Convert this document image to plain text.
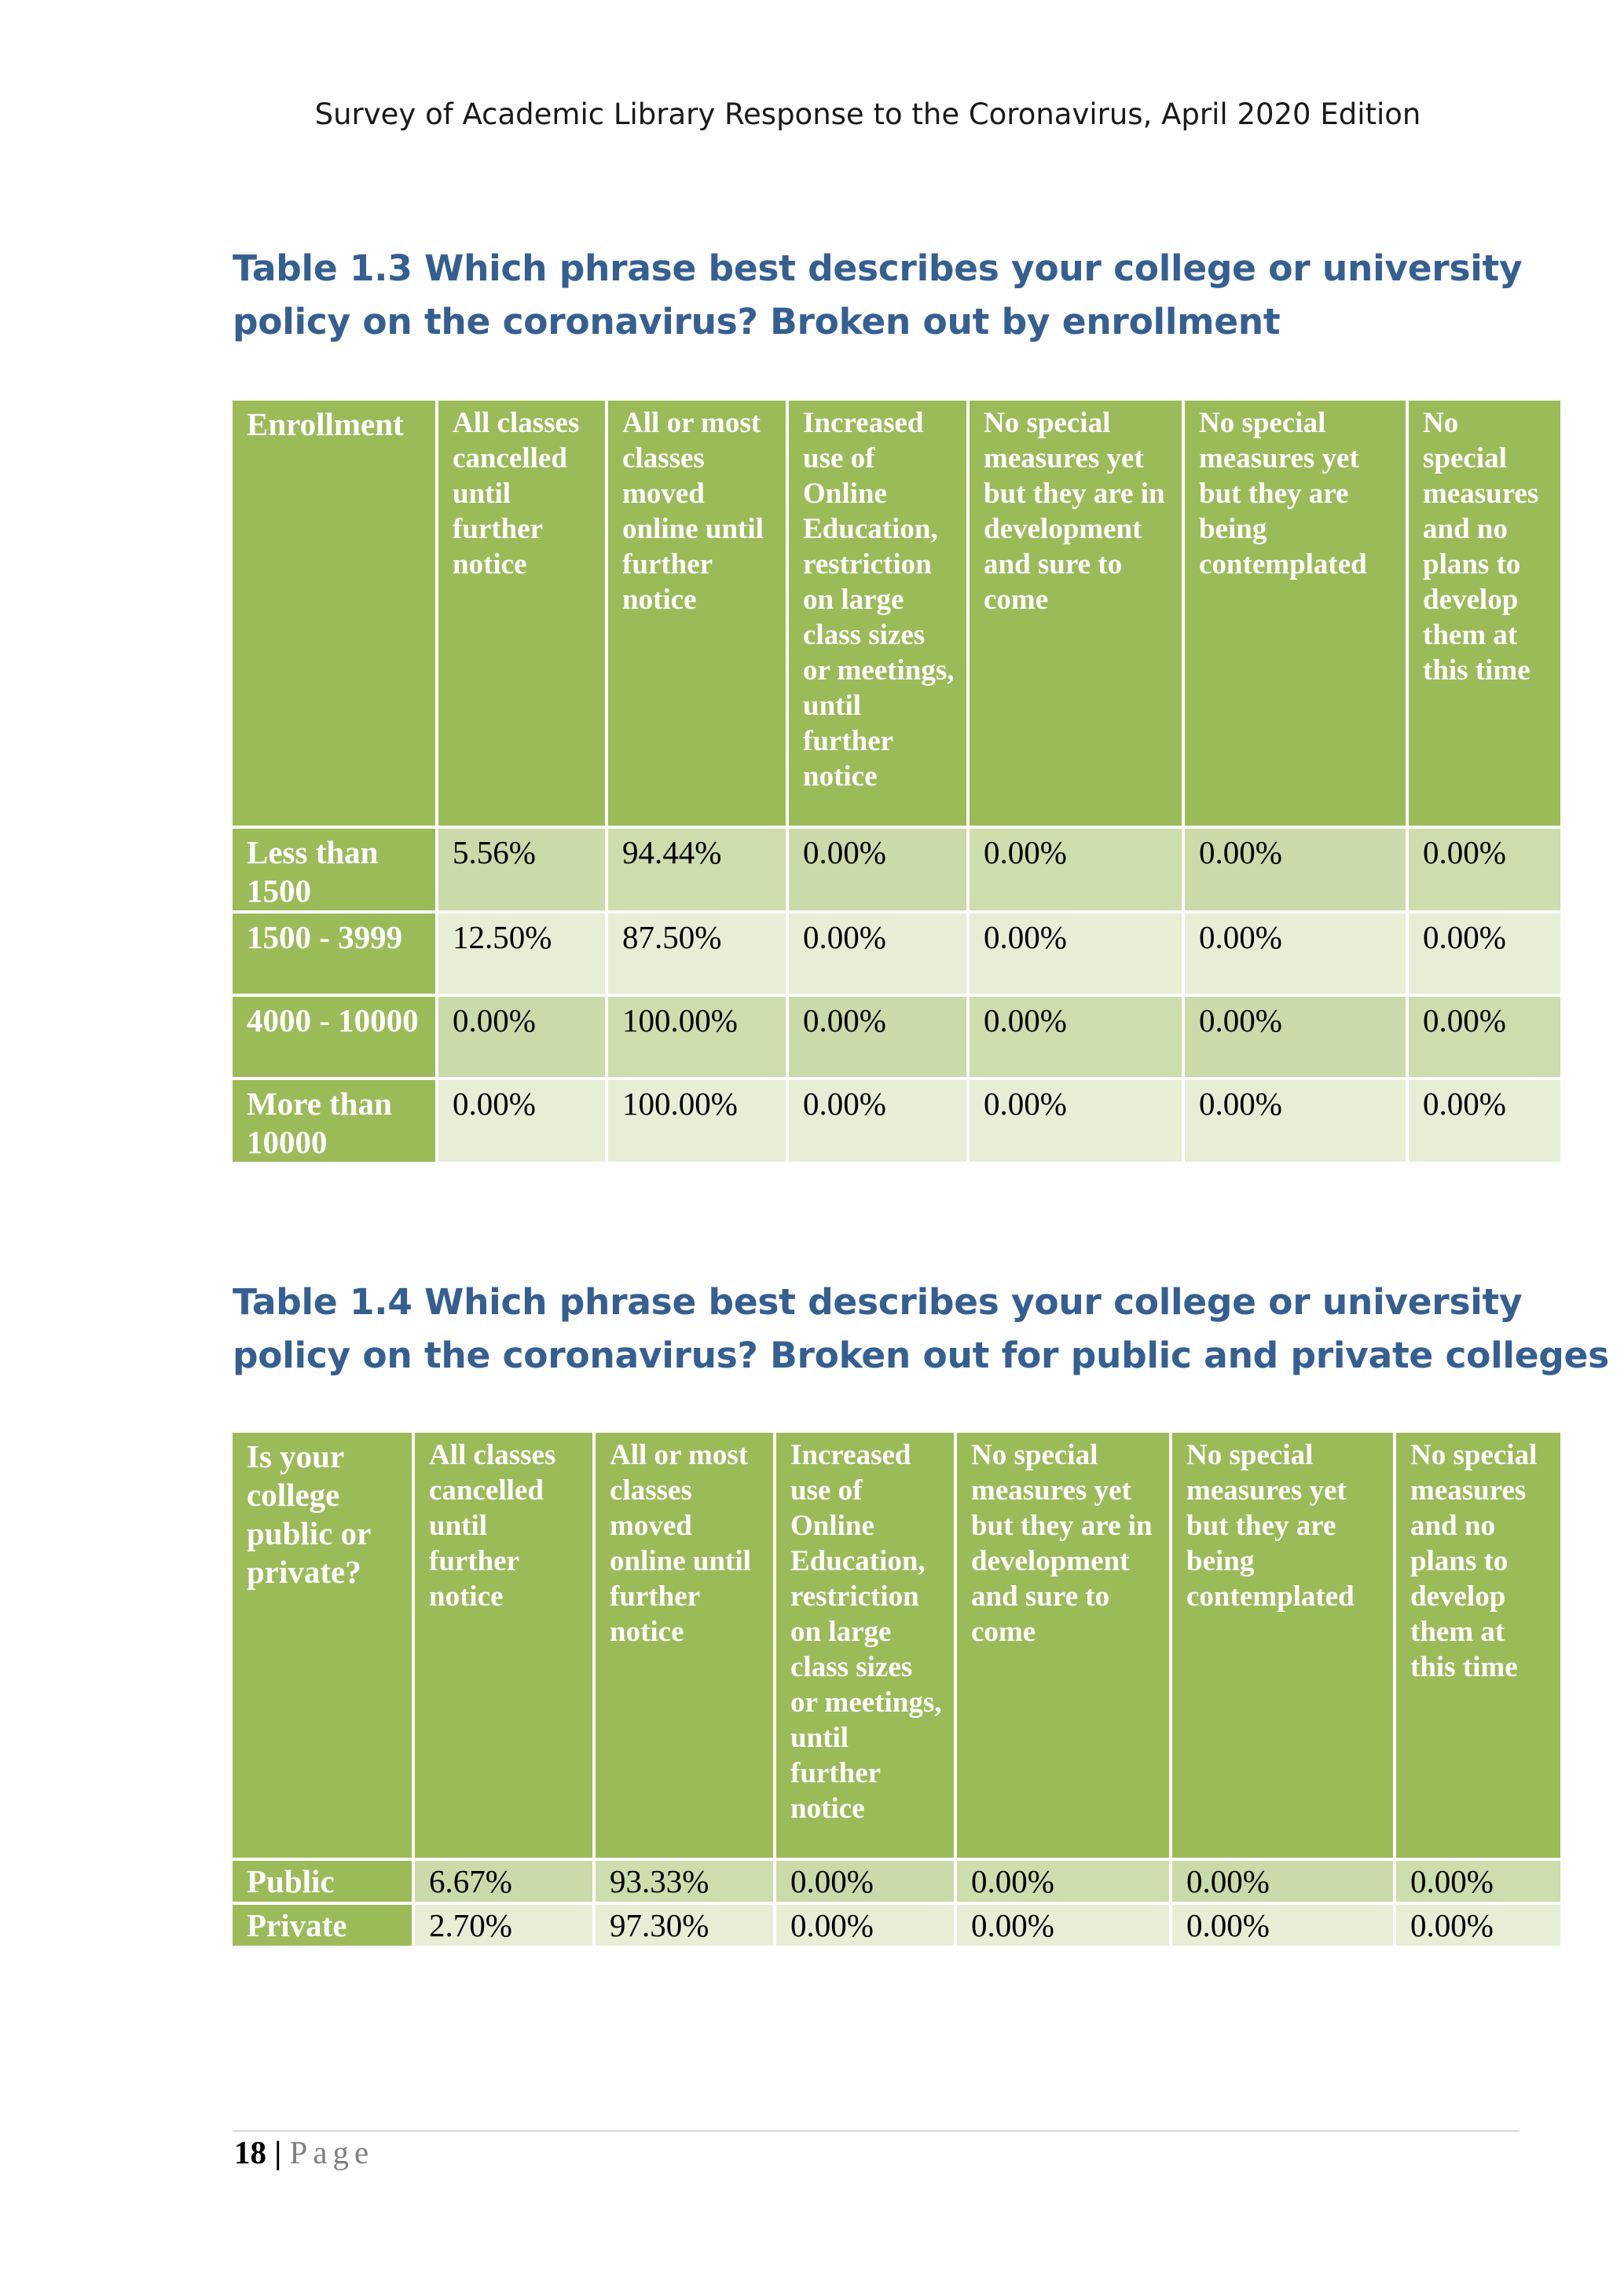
Survey of Academic Library Response to the Coronavirus, April 2020 Edition
Table 1.3 Which phrase best describes your college or university
policy on the coronavirus? Broken out by enrollment
Enrollment	All classes cancelled until further notice	All or most classes moved online until further notice	Increased use of Online Education, restriction on large class sizes or meetings, until further notice	No special measures yet but they are in development and sure to come	No special measures yet but they are being contemplated	No special measures and no plans to develop them at this time
Less than 1500	5.56%	94.44%	0.00%	0.00%	0.00%	0.00%
1500 - 3999	12.50%	87.50%	0.00%	0.00%	0.00%	0.00%
4000 - 10000	0.00%	100.00%	0.00%	0.00%	0.00%	0.00%
More than 10000	0.00%	100.00%	0.00%	0.00%	0.00%	0.00%
Table 1.4 Which phrase best describes your college or university
policy on the coronavirus? Broken out for public and private colleges
Is your college public or private?	All classes cancelled until further notice	All or most classes moved online until further notice	Increased use of Online Education, restriction on large class sizes or meetings, until further notice	No special measures yet but they are in development and sure to come	No special measures yet but they are being contemplated	No special measures and no plans to develop them at this time
Public	6.67%	93.33%	0.00%	0.00%	0.00%	0.00%
Private	2.70%	97.30%	0.00%	0.00%	0.00%	0.00%
18 | Page
